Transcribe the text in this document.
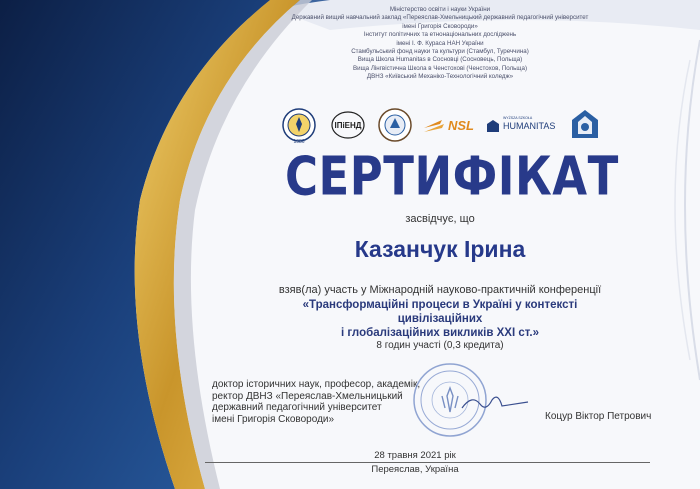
Міністерство освіти і науки України
Державний вищий навчальний заклад «Переяслав-Хмельницький державний педагогічний університет
імені Григорія Сковороди»
Інститут політичних та етнонаціональних досліджень
імені І. Ф. Кураса НАН України
Стамбульський фонд науки та культури (Стамбул, Туреччина)
Вища Школа Humanitas в Сосновці (Сосновець, Польща)
Вища Лінгвістична Школа в Ченстохові (Ченстохов, Польща)
ДВНЗ «Київський Механіко-Технологічний коледж»
1986
ІПіЕНД	NSL	WYŻSZA SZKOŁA
HUMANITAS
СЕРТИФІКАТ
засвідчує, що
Казанчук Ірина
взяв(ла) участь у Міжнародній науково-практичній конференції
«Трансформаційні процеси в Україні у контексті цивілізаційних
і глобалізаційних викликів XXI ст.»
8 годин участі (0,3 кредита)
доктор історичних наук, професор, академік,
ректор ДВНЗ «Переяслав-Хмельницький
державний педагогічний університет
імені Григорія Сковороди»	Коцур Віктор Петрович
28 травня 2021 рік
Переяслав, Україна
